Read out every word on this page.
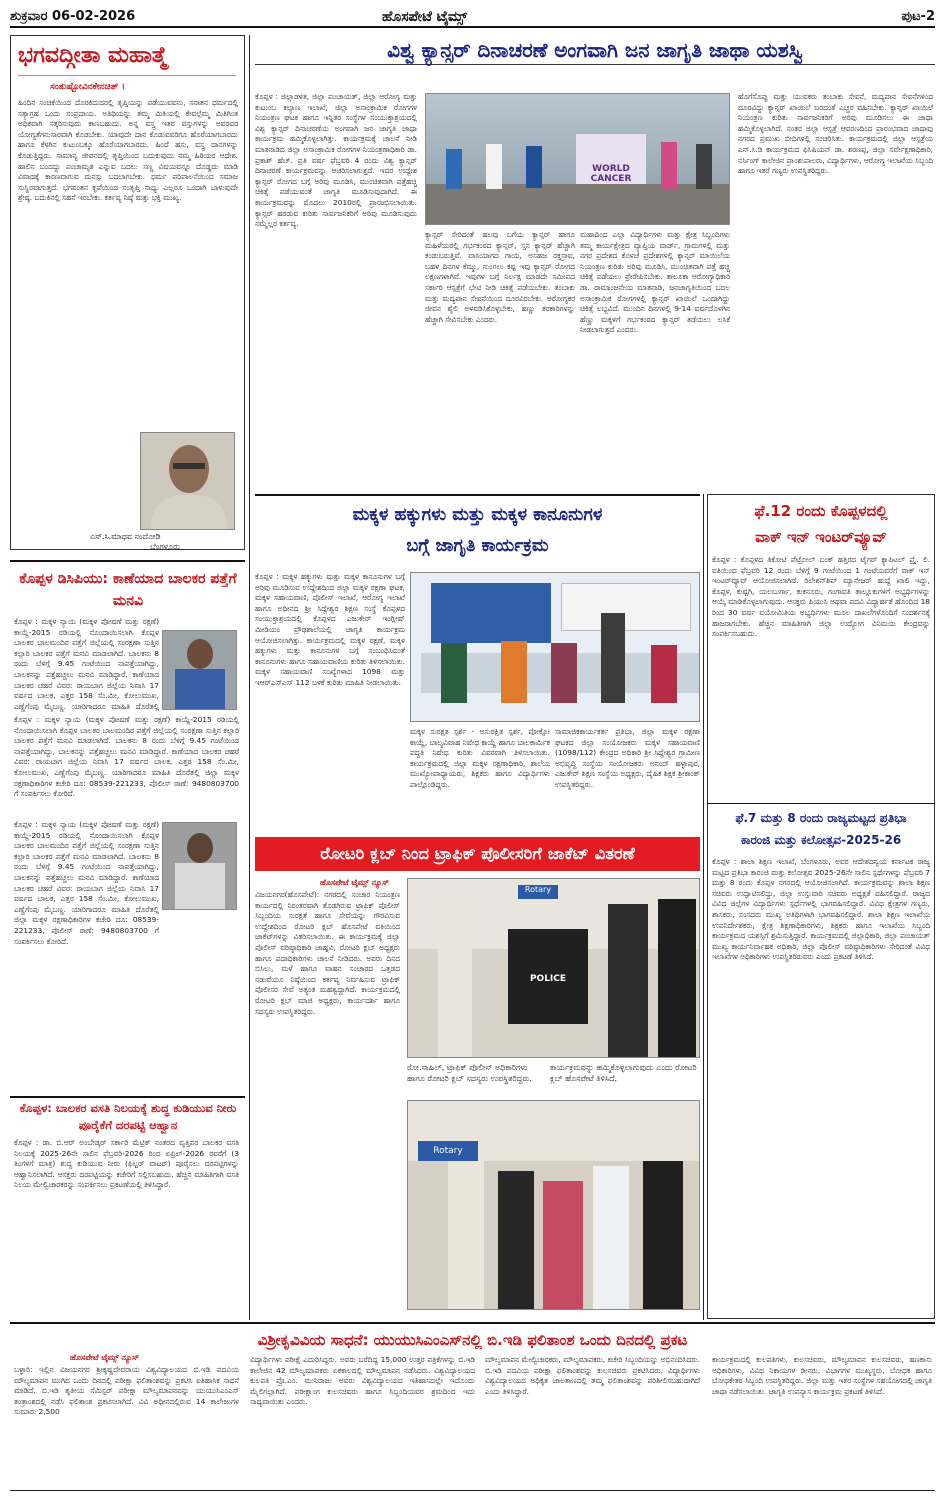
ಶುಕ್ರವಾರ 06-02-2026	ಹೊಸಪೇಟೆ ಟೈಮ್ಸ್	ಪುಟ-2
ಭಗವದ್ಗೀತಾ ಮಹಾತ್ಮೆ
ಸಂತುಷ್ಟೋವಿನಕೇನಚಿತ್ ।
ಹಿಂದಿನ ಸಂಚಿಕೆಯಿಂದ ದೊರಕಿದುದರಲ್ಲಿ ತೃಪ್ತಿಯನ್ನು ಪಡೆಯುವವನು, ಸನಾತನ ಧರ್ಮದಲ್ಲಿ ಸತ್ಯಾಗ್ರಹ ಒಂದು ಸಂಪ್ರದಾಯ. ಅತಿಥಿಯನ್ನು ತಮ್ಮ ಮಿತಿಯಲ್ಲಿ ಕೇವಲ್ಪೆಮ್ಮ ಮಿತಿಗಿಂತ ಅಧಿಕವಾಗಿ ಸತ್ಕರಿಸುವುದು ಕಾಣಬಹುದು. ಅನ್ನ ವಸ್ತ್ರ ಇತರ ವಸ್ತುಗಳನ್ನು ಅವರವರ ಯೋಗ್ಯತೆಗನುಸಾರವಾಗಿ ಕೊಡಬೇಕು. ಯಾವುದೇ ದಾನ ಕೊಡುವವರಿಗೂ ಹೊರೆಯಾಗಬಾರದು ಹಾಗೂ ಕೆಳಗಿನ ಕುಟುಂಬಕ್ಕೂ ಹೊರೆಯಾಗಬಾರದು. ಹಿಂದೆ ಹಸು, ವಸ್ತ್ರ ದಾನಗಳನ್ನು ಕೊಡುತ್ತಿದ್ದರು. ಸಾಮಾನ್ಯ ಜೀವನದಲ್ಲಿ ತೃಪ್ತಿಯಿಂದ ಬದುಕುವುದು ನಮ್ಮ ಹಿರಿಯರ ಆದೇಶ. ಹಾಲಿನ ಬಂದದ್ದು ಪಂಚಾಮೃತ ಎನ್ನುವ ಬದಲು ಸಣ್ಣ ವಿಷಯವನ್ನೂ ದೊಡ್ಡದು ಮಾಡಿ ವಿವಾದಕ್ಕೆ ಕಾರಣವಾಗುವ ಮನಸ್ಸು ಬದಲಾಗಬೇಕು. ಧರ್ಮ ಪರಿಪಾಲನೆಯಿಂದ ಸಮಾಜ ಸುಸ್ಥಿರವಾಗುತ್ತದೆ. ಭಗವಂತನ ಕೃಪೆಯಿಂದ ಸಂತೃಪ್ತಿ ಸಾಧ್ಯ. ಎಲ್ಲರೂ ಒಂದಾಗಿ ಬಾಳುವುದೇ ಶ್ರೇಷ್ಠ. ಬದುಕಿನಲ್ಲಿ ಸಹನೆ ಇರಬೇಕು. ಕರ್ತವ್ಯ ನಿಷ್ಠೆ ಮತ್ತು ಭಕ್ತಿ ಮುಖ್ಯ.
ಎಸ್.ಸಿ.ಮಾಧವ ನಂದೋಡಿ
ಬೆಂಗಳೂರು
ಕೊಪ್ಪಳ ಡಿಸಿಪಿಯು: ಕಾಣೆಯಾದ ಬಾಲಕರ ಪತ್ತೆಗೆ ಮನವಿ
ಕೊಪ್ಪಳ : ಮಕ್ಕಳ ನ್ಯಾಯ (ಮಕ್ಕಳ ಪೋಷಣೆ ಮತ್ತು ರಕ್ಷಣೆ) ಕಾಯ್ದೆ-2015 ರಡಿಯಲ್ಲಿ ನೊಂದಾಯಿಸಲಾಗಿ ಕೊಪ್ಪಳ ಬಾಲಕರ ಬಾಲಮಂದಿರ ಪತ್ತೆಗೆ ಜಿಲ್ಲೆಯಲ್ಲಿ ಸಂರಕ್ಷಣಾ ಸುತ್ತಿನ ಕಲ್ಲಾರಿ ಬಾಲಕರ ಪತ್ತೆಗೆ ಮನವಿ ಮಾಡಲಾಗಿದೆ. ಬಾಲಕನು 8 ರಂದು ಬೆಳಿಗ್ಗೆ 9.45 ಗಂಟೆಯಿಂದ ನಾಪತ್ತೆಯಾಗಿದ್ದು, ಬಾಲಕನನ್ನು ಪತ್ತೆಹಚ್ಚಲು ಮನವಿ ಮಾಡಿದ್ದಾರೆ. ಕಾಣೆಯಾದ ಬಾಲಕರ ಚಹರೆ ವಿವರ: ರಾಯಬಾಗ ಜಿಲ್ಲೆಯ ನಿವಾಸಿ 17 ವರ್ಷದ ಬಾಲಕ, ಎತ್ತರ 158 ಸೆಂ.ಮೀ, ಕೋಲುಮುಖ, ಎಣ್ಣೆಗೆಂಪು ಮೈಬಣ್ಣ. ಯಾರಿಗಾದರೂ ಮಾಹಿತಿ ದೊರೆತಲ್ಲಿ
ಕೊಪ್ಪಳ : ಮಕ್ಕಳ ನ್ಯಾಯ (ಮಕ್ಕಳ ಪೋಷಣೆ ಮತ್ತು ರಕ್ಷಣೆ) ಕಾಯ್ದೆ-2015 ರಡಿಯಲ್ಲಿ ನೊಂದಾಯಿಸಲಾಗಿ ಕೊಪ್ಪಳ ಬಾಲಕರ ಬಾಲಮಂದಿರ ಪತ್ತೆಗೆ ಜಿಲ್ಲೆಯಲ್ಲಿ ಸಂರಕ್ಷಣಾ ಸುತ್ತಿನ ಕಲ್ಲಾರಿ ಬಾಲಕರ ಪತ್ತೆಗೆ ಮನವಿ ಮಾಡಲಾಗಿದೆ. ಬಾಲಕನು 8 ರಂದು ಬೆಳಿಗ್ಗೆ 9.45 ಗಂಟೆಯಿಂದ ನಾಪತ್ತೆಯಾಗಿದ್ದು, ಬಾಲಕನನ್ನು ಪತ್ತೆಹಚ್ಚಲು ಮನವಿ ಮಾಡಿದ್ದಾರೆ. ಕಾಣೆಯಾದ ಬಾಲಕರ ಚಹರೆ ವಿವರ: ರಾಯಬಾಗ ಜಿಲ್ಲೆಯ ನಿವಾಸಿ 17 ವರ್ಷದ ಬಾಲಕ, ಎತ್ತರ 158 ಸೆಂ.ಮೀ, ಕೋಲುಮುಖ, ಎಣ್ಣೆಗೆಂಪು ಮೈಬಣ್ಣ. ಯಾರಿಗಾದರೂ ಮಾಹಿತಿ ದೊರೆತಲ್ಲಿ ಜಿಲ್ಲಾ ಮಕ್ಕಳ ರಕ್ಷಣಾಧಿಕಾರಿಗಳ ಕಚೇರಿ ದೂ: 08539-221233, ಪೊಲೀಸ್ ಠಾಣೆ: 9480803700 ಗೆ ಸಂಪರ್ಕಿಸಲು ಕೋರಿದೆ.
ಕೊಪ್ಪಳ : ಮಕ್ಕಳ ನ್ಯಾಯ (ಮಕ್ಕಳ ಪೋಷಣೆ ಮತ್ತು ರಕ್ಷಣೆ) ಕಾಯ್ದೆ-2015 ರಡಿಯಲ್ಲಿ ನೊಂದಾಯಿಸಲಾಗಿ ಕೊಪ್ಪಳ ಬಾಲಕರ ಬಾಲಮಂದಿರ ಪತ್ತೆಗೆ ಜಿಲ್ಲೆಯಲ್ಲಿ ಸಂರಕ್ಷಣಾ ಸುತ್ತಿನ ಕಲ್ಲಾರಿ ಬಾಲಕರ ಪತ್ತೆಗೆ ಮನವಿ ಮಾಡಲಾಗಿದೆ. ಬಾಲಕನು 8 ರಂದು ಬೆಳಿಗ್ಗೆ 9.45 ಗಂಟೆಯಿಂದ ನಾಪತ್ತೆಯಾಗಿದ್ದು, ಬಾಲಕನನ್ನು ಪತ್ತೆಹಚ್ಚಲು ಮನವಿ ಮಾಡಿದ್ದಾರೆ. ಕಾಣೆಯಾದ ಬಾಲಕರ ಚಹರೆ ವಿವರ: ರಾಯಬಾಗ ಜಿಲ್ಲೆಯ ನಿವಾಸಿ 17 ವರ್ಷದ ಬಾಲಕ, ಎತ್ತರ 158 ಸೆಂ.ಮೀ, ಕೋಲುಮುಖ, ಎಣ್ಣೆಗೆಂಪು ಮೈಬಣ್ಣ. ಯಾರಿಗಾದರೂ ಮಾಹಿತಿ ದೊರೆತಲ್ಲಿ ಜಿಲ್ಲಾ ಮಕ್ಕಳ ರಕ್ಷಣಾಧಿಕಾರಿಗಳ ಕಚೇರಿ ದೂ: 08539-221233, ಪೊಲೀಸ್ ಠಾಣೆ: 9480803700 ಗೆ ಸಂಪರ್ಕಿಸಲು ಕೋರಿದೆ.
ಕೊಪ್ಪಳ: ಬಾಲಕರ ವಸತಿ ನಿಲಯಕ್ಕೆ ಶುದ್ಧ ಕುಡಿಯುವ ನೀರು ಪೂರೈಕೆಗೆ ದರಪಟ್ಟಿ ಆಹ್ವಾನ
ಕೊಪ್ಪಳ : ಡಾ. ಬಿ.ಆರ್ ಅಂಬೇಡ್ಕರ್ ಸರ್ಕಾರಿ ಮೆಟ್ರಿಕ್ ನಂತರದ ವೃತ್ತಿಪರ ಬಾಲಕರ ವಸತಿ ನಿಲಯಕ್ಕೆ 2025-26ನೇ ಸಾಲಿನ ಫೆಬ್ರವರಿ-2026 ರಿಂದ ಏಪ್ರಿಲ್-2026 ರವರೆಗೆ (3 ತಿಂಗಳಿಗೆ ಮಾತ್ರ) ಶುದ್ಧ ಕುಡಿಯುವ ನೀರು (ಫಿಲ್ಟರ್ ವಾಟರ್) ಪೂರೈಸಲು ದರಪಟ್ಟಿಗಳನ್ನು ಆಹ್ವಾನಿಸಲಾಗಿದೆ. ಆಸಕ್ತರು ದರಪಟ್ಟಿಯನ್ನು ಕಚೇರಿಗೆ ಸಲ್ಲಿಸಬಹುದು. ಹೆಚ್ಚಿನ ಮಾಹಿತಿಗಾಗಿ ವಸತಿ ನಿಲಯ ಮೇಲ್ವಿಚಾರಕರನ್ನು ಸಂಪರ್ಕಿಸಲು ಪ್ರಕಟಣೆಯಲ್ಲಿ ತಿಳಿಸಿದ್ದಾರೆ.
ವಿಶ್ವ ಕ್ಯಾನ್ಸರ್ ದಿನಾಚರಣೆ ಅಂಗವಾಗಿ ಜನ ಜಾಗೃತಿ ಜಾಥಾ ಯಶಸ್ವಿ
ಕೊಪ್ಪಳ : ಜಿಲ್ಲಾಡಳಿತ, ಜಿಲ್ಲಾ ಪಂಚಾಯತ್, ಜಿಲ್ಲಾ ಆರೋಗ್ಯ ಮತ್ತು ಕುಟುಂಬ ಕಲ್ಯಾಣ ಇಲಾಖೆ, ಜಿಲ್ಲಾ ಅಸಾಂಕ್ರಾಮಿಕ ರೋಗಗಳ ನಿಯಂತ್ರಣ ಘಟಕ ಹಾಗೂ ಇನ್ನಿತರ ಸಂಸ್ಥೆಗಳ ಸಂಯುಕ್ತಾಶ್ರಯದಲ್ಲಿ ವಿಶ್ವ ಕ್ಯಾನ್ಸರ್ ದಿನಾಚರಣೆಯ ಅಂಗವಾಗಿ ಜನ ಜಾಗೃತಿ ಜಾಥಾ ಕಾರ್ಯಕ್ರಮ ಹಮ್ಮಿಕೊಳ್ಳಲಾಗಿತ್ತು. ಕಾರ್ಯಕ್ರಮಕ್ಕೆ ಚಾಲನೆ ನೀಡಿ ಮಾತನಾಡಿದ ಜಿಲ್ಲಾ ಅಸಾಂಕ್ರಾಮಿಕ ರೋಗಗಳ ನಿಯಂತ್ರಣಾಧಿಕಾರಿ ಡಾ. ಪ್ರಕಾಶ್ ಹೆಚ್. ಪ್ರತಿ ವರ್ಷ ಫೆಬ್ರವರಿ 4 ರಂದು ವಿಶ್ವ ಕ್ಯಾನ್ಸರ್ ದಿನಾಚರಣೆ ಕಾರ್ಯಕ್ರಮವನ್ನು ಆಚರಿಸಲಾಗುತ್ತದೆ. ಇದರ ಉದ್ದೇಶ ಕ್ಯಾನ್ಸರ್ ರೋಗದ ಬಗ್ಗೆ ಅರಿವು ಮೂಡಿಸಿ, ಮುಂಚಿತವಾಗಿ ಪತ್ತೆಹಚ್ಚಿ ಚಿಕಿತ್ಸೆ ಪಡೆಯುವಂತೆ ಜಾಗೃತಿ ಮೂಡಿಸುವುದಾಗಿದೆ. ಈ ಕಾರ್ಯಕ್ರಮವನ್ನು ಮೊದಲು 2010ರಲ್ಲಿ ಪ್ರಾರಂಭಿಸಲಾಯಿತು. ಕ್ಯಾನ್ಸರ್ ಹರಡುವ ಕುರಿತು ಸಾರ್ವಜನಿಕರಿಗೆ ಅರಿವು ಮೂಡಿಸುವುದು ನಮ್ಮೆಲ್ಲರ ಕರ್ತವ್ಯ.
WORLD CANCER
ಕ್ಯಾನ್ಸರ್ ಸೇರಿದಂತೆ ಹಲವು ಬಗೆಯ ಕ್ಯಾನ್ಸರ್ ಹಾಗೂ ಮಹಿಳೆಯರಲ್ಲಿ ಗರ್ಭಕಂಠದ ಕ್ಯಾನ್ಸರ್, ಸ್ತನ ಕ್ಯಾನ್ಸರ್ ಹೆಚ್ಚಾಗಿ ಕಂಡುಬರುತ್ತಿವೆ. ವಾಸಿಯಾಗದ ಗಾಯ, ಅಸಹಜ ರಕ್ತಸ್ರಾವ, ಬಹಳ ದಿನಗಳ ಕೆಮ್ಮು, ನುಂಗಲು ಕಷ್ಟ ಇವು ಕ್ಯಾನ್ಸರ್ ರೋಗದ ಲಕ್ಷಣಗಳಾಗಿವೆ. ಇವುಗಳ ಬಗ್ಗೆ ನಿರ್ಲಕ್ಷ ಮಾಡದೇ ಸಮೀಪದ ಸರ್ಕಾರಿ ಆಸ್ಪತ್ರೆಗೆ ಭೇಟಿ ನೀಡಿ ಚಿಕಿತ್ಸೆ ಪಡೆಯಬೇಕು. ತಂಬಾಕು ಮತ್ತು ಮದ್ಯಪಾನ ಸೇವನೆಯಿಂದ ದೂರವಿರಬೇಕು. ಆರೋಗ್ಯಕರ ಜೀವನ ಶೈಲಿ ಅಳವಡಿಸಿಕೊಳ್ಳಬೇಕು, ಹಣ್ಣು ತರಕಾರಿಗಳನ್ನು ಹೆಚ್ಚಾಗಿ ಸೇವಿಸಬೇಕು ಎಂದರು.
ಮಹಾದಿಂದ ಎಲ್ಲಾ ವಿದ್ಯಾರ್ಥಿಗಳು ಮತ್ತು ಕ್ಷೇತ್ರ ಸಿಬ್ಬಂದಿಗಳು ತಮ್ಮ ಕಾರ್ಯಕ್ಷೇತ್ರದ ವ್ಯಾಪ್ತಿಯ ವಾರ್ಡ್, ಗ್ರಾಮಗಳಲ್ಲಿ ಮತ್ತು ನಗರ ಪ್ರದೇಶದ ಕೊಳಚೆ ಪ್ರದೇಶಗಳಲ್ಲಿ ಕ್ಯಾನ್ಸರ್ ಮಾಯಿಲೆಯ ನಿಯಂತ್ರಣ ಕುರಿತು ಅರಿವು ಮೂಡಿಸಿ, ಮುಂಚಿತವಾಗಿ ಪತ್ತೆ ಹಚ್ಚಿ ಚಿಕಿತ್ಸೆ ಪಡೆಯಲು ಪ್ರೇರೇಪಿಸಬೇಕು. ತಾಲೂಕಾ ಆರೋಗ್ಯಾಧಿಕಾರಿ ಡಾ. ರಾಮಾಂಜನೇಯ ಮಾತನಾಡಿ, ಜನಜಾಗೃತಿಯಿಂದ ಬದಲ ಅಸಾಂಕ್ರಾಮಿಕ ರೋಗಗಳಲ್ಲಿ ಕ್ಯಾನ್ಸರ್ ಖಾಯಿಲೆ ಒಂದಾಗಿದ್ದು ಚಿಕಿತ್ಸೆ ಲಭ್ಯವಿದೆ. ಮುಂದಿನ ದಿನಗಳಲ್ಲಿ 9-14 ವರ್ಷದೊಳಗಿನ ಹೆಣ್ಣು ಮಕ್ಕಳಿಗೆ ಗರ್ಭಕಂಠದ ಕ್ಯಾನ್ಸರ್ ತಡೆಯಲು ಲಸಿಕೆ ನೀಡಲಾಗುತ್ತದೆ ಎಂದರು.
ಹೊಗೆಸೊಪ್ಪು ಮತ್ತು ಯುವಕರು ತಂಬಾಕು ಸೇವನೆ, ಮದ್ಯಪಾನ ಸೇವನೆಗಳಿಂದ ದೂರವಿದ್ದು ಕ್ಯಾನ್ಸರ್ ಖಾಯಿಲೆ ಬರದಂತೆ ಎಚ್ಚರ ವಹಿಸಬೇಕು. ಕ್ಯಾನ್ಸರ್ ಖಾಯಿಲೆ ನಿಯಂತ್ರಣ ಕುರಿತು ಸಾರ್ವಜನಿಕರಿಗೆ ಅರಿವು ಮೂಡಿಸಲು ಈ ಜಾಥಾ ಹಮ್ಮಿಕೊಳ್ಳಲಾಗಿದೆ. ನಂತರ ಜಿಲ್ಲಾ ಆಸ್ಪತ್ರೆ ಆವರಣದಿಂದ ಪ್ರಾರಂಭವಾದ ಜಾಥಾವು ನಗರದ ಪ್ರಮುಖ ಬೀದಿಗಳಲ್ಲಿ ಸಂಚರಿಸಿತು. ಕಾರ್ಯಕ್ರಮದಲ್ಲಿ ಜಿಲ್ಲಾ ಆಸ್ಪತ್ರೆಯ ಎನ್.ಸಿ.ಡಿ ಕಾರ್ಯಕ್ರಮದ ಫಿಸಿಷಿಯನ್ ಡಾ. ಶರಣಪ್ಪ, ಜಿಲ್ಲಾ ಸರ್ವೇಕ್ಷಣಾಧಿಕಾರಿ, ನರ್ಸಿಂಗ್ ಕಾಲೇಜಿನ ಪ್ರಾಂಶುಪಾಲರು, ವಿದ್ಯಾರ್ಥಿಗಳು, ಆರೋಗ್ಯ ಇಲಾಖೆಯ ಸಿಬ್ಬಂದಿ ಹಾಗೂ ಇತರೆ ಗಣ್ಯರು ಉಪಸ್ಥಿತರಿದ್ದರು.
ಮಕ್ಕಳ ಹಕ್ಕುಗಳು ಮತ್ತು ಮಕ್ಕಳ ಕಾನೂನುಗಳ
ಬಗ್ಗೆ ಜಾಗೃತಿ ಕಾರ್ಯಕ್ರಮ
ಕೊಪ್ಪಳ : ಮಕ್ಕಳ ಹಕ್ಕುಗಳು ಮತ್ತು ಮಕ್ಕಳ ಕಾನೂನುಗಳ ಬಗ್ಗೆ ಅರಿವು ಮೂಡಿಸುವ ಉದ್ದೇಶದಿಂದ ಜಿಲ್ಲಾ ಮಕ್ಕಳ ರಕ್ಷಣಾ ಘಟಕ, ಮಕ್ಕಳ ಸಹಾಯವಾಣಿ, ಪೊಲೀಸ್ ಇಲಾಖೆ, ಆರೋಗ್ಯ ಇಲಾಖೆ ಹಾಗೂ ಅಧೀನದ ಶ್ರೀ ಸಿದ್ದೇಶ್ವರ ಶಿಕ್ಷಣ ಸಂಸ್ಥೆ ಕೊಪ್ಪಳದ ಸಂಯುಕ್ತಾಶ್ರಯದಲ್ಲಿ ಕೊಪ್ಪಳದ ಎಜುಕೇರ್ ಇಂಗ್ಲೀಷ್ ಮೀಡಿಯಂ ಪ್ರೌಢಶಾಲೆಯಲ್ಲಿ ಜಾಗೃತಿ ಕಾರ್ಯಕ್ರಮ ಆಯೋಜಿಸಲಾಗಿತ್ತು. ಕಾರ್ಯಕ್ರಮದಲ್ಲಿ ಮಕ್ಕಳ ರಕ್ಷಣೆ, ಮಕ್ಕಳ ಹಕ್ಕುಗಳು ಮತ್ತು ಕಾನೂನುಗಳ ಬಗ್ಗೆ ಸಂಬಂಧಿಸಿದಂತೆ ಕಾನೂನುಗಳು ಹಾಗೂ ಸಹಾಯವಾಣಿಯ ಕುರಿತು ತಿಳಿಸಲಾಯಿತು. ಮಕ್ಕಳ ಸಹಾಯವಾಣಿ ಸಂಖ್ಯೆಗಳಾದ 1098 ಮತ್ತು ಇಆರ್‌ಎಸ್‌ಎಸ್ 112 ಬಳಕೆ ಕುರಿತು ಮಾಹಿತಿ ನೀಡಲಾಯಿತು.
ಮಕ್ಕಳ ಸುರಕ್ಷತ ಸ್ಪರ್ಶ - ಅಸುರಕ್ಷಿತ ಸ್ಪರ್ಶ, ಪೋಕ್ಸೋ ಕಾಯ್ದೆ, ಬಾಲ್ಯವಿವಾಹ ನಿಷೇಧ ಕಾಯ್ದೆ ಹಾಗೂ ಬಾಲಕಾರ್ಮಿಕ ಪದ್ಧತಿ ನಿಷೇಧ ಕುರಿತು ವಿವರವಾಗಿ ತಿಳಿಸಲಾಯಿತು. ಕಾರ್ಯಕ್ರಮದಲ್ಲಿ ಜಿಲ್ಲಾ ಮಕ್ಕಳ ರಕ್ಷಣಾಧಿಕಾರಿ, ಶಾಲೆಯ ಮುಖ್ಯೋಪಾಧ್ಯಾಯರು, ಶಿಕ್ಷಕರು ಹಾಗೂ ವಿದ್ಯಾರ್ಥಿಗಳು ಪಾಲ್ಗೊಂಡಿದ್ದರು.
ಸಾಮಾಜಿಕಕಾರ್ಯಕರ್ತ ಪ್ರತಿಭಾ, ಜಿಲ್ಲಾ ಮಕ್ಕಳ ರಕ್ಷಣಾ ಘಟಕದ ಜಿಲ್ಲಾ ಸಂಯೋಜಕರು ಮಕ್ಕಳ ಸಹಾಯವಾಣಿ (1098/112) ಕೇಂದ್ರದ ಅಧಿಕಾರಿ ಶ್ರೀ ಸಿದ್ದೇಶ್ವರ ಗ್ರಾಮೀಣ ಅಭಿವೃದ್ಧಿ ಸಂಸ್ಥೆಯ ಸಂಯೋಜಕರು ಅನಂದ್ ಹಳ್ಳಾಪುರ, ಎಜುಕೇರ್ ಶಿಕ್ಷಣ ಸಂಸ್ಥೆಯ ಅಧ್ಯಕ್ಷರು, ದೈಹಿಕ ಶಿಕ್ಷಕ ಶ್ರೀಕಾಂತ್ ಉಪಸ್ಥಿತರಿದ್ದರು.
ರೋಟರಿ ಕ್ಲಬ್ ನಿಂದ ಟ್ರಾಫಿಕ್ ಪೊಲೀಸರಿಗೆ ಜಾಕೆಟ್ ವಿತರಣೆ
ಹೊಸಪೇಟೆ ಟೈಮ್ಸ್ ನ್ಯೂಸ್
ವಿಜಯನಗರ(ಹೊಸಪೇಟೆ): ನಗರದಲ್ಲಿ ಸಂಚಾರ ನಿಯಂತ್ರಣ ಕಾರ್ಯದಲ್ಲಿ ನಿರಂತರವಾಗಿ ತೊಡಗಿರುವ ಟ್ರಾಫಿಕ್ ಪೊಲೀಸ್ ಸಿಬ್ಬಂದಿಯ ಸುರಕ್ಷತೆ ಹಾಗೂ ಸೇವೆಯನ್ನು ಗೌರವಿಸುವ ಉದ್ದೇಶದಿಂದ ರೋಟರಿ ಕ್ಲಬ್ ಹೊಸಪೇಟೆ ವತಿಯಿಂದ ಜಾಕೆಟ್‌ಗಳನ್ನು ವಿತರಿಸಲಾಯಿತು. ಈ ಕಾರ್ಯಕ್ರಮಕ್ಕೆ ಜಿಲ್ಲಾ ಪೊಲೀಸ್ ವರಿಷ್ಠಾಧಿಕಾರಿ ಜಾಹ್ನವಿ, ರೋಟರಿ ಕ್ಲಬ್ ಅಧ್ಯಕ್ಷರು ಹಾಗೂ ಪದಾಧಿಕಾರಿಗಳು ಚಾಲನೆ ನೀಡಿದರು. ಅವರು ದಿನದ ಬಿಸಿಲು, ಮಳೆ ಹಾಗೂ ವಾಹನ ಸಂಚಾರದ ಒತ್ತಡದ ನಡುವೆಯೂ ನಿಷ್ಠೆಯಿಂದ ಕರ್ತವ್ಯ ನಿರ್ವಹಿಸುವ ಟ್ರಾಫಿಕ್ ಪೊಲೀಸರ ಸೇವೆ ಅತ್ಯಂತ ಮಹತ್ವದ್ದಾಗಿದೆ. ಕಾರ್ಯಕ್ರಮದಲ್ಲಿ ರೋಟರಿ ಕ್ಲಬ್ ಮಾಜಿ ಅಧ್ಯಕ್ಷರು, ಕಾರ್ಯದರ್ಶಿ ಹಾಗೂ ಸದಸ್ಯರು ಉಪಸ್ಥಿತರಿದ್ದರು.
POLICE
Rotary
ರೋ.ಸಾಹಿಲ್, ಟ್ರಾಫಿಕ್ ಪೊಲೀಸ್ ಅಧಿಕಾರಿಗಳು ಹಾಗೂ ರೋಟರಿ ಕ್ಲಬ್ ಸದಸ್ಯರು ಉಪಸ್ಥಿತರಿದ್ದರು.
ಕಾರ್ಯಕ್ರಮವನ್ನು ಹಮ್ಮಿಕೊಳ್ಳಲಾಗುವುದು ಎಂದು ರೋಟರಿ ಕ್ಲಬ್ ಹೊಸಪೇಟೆ ತಿಳಿಸಿದೆ.
Rotary
ಫೆ.12 ರಂದು ಕೊಪ್ಪಳದಲ್ಲಿ
ವಾಕ್ ಇನ್ ಇಂಟರ್‌ವ್ಯೂವ್
ಕೊಪ್ಪಳ : ಕೊಪ್ಪಳದ ತಿಕೋಟಿ ಪೆಟ್ರೋಲ್ ಬಂಕ್ ಹತ್ತಿರದ ಟೈಗರ್ ಕ್ಯಾಪಿಟಲ್ ಪ್ರೈ. ಲಿ. ವತಿಯಿಂದ ಫೆಬ್ರವರಿ 12 ರಂದು ಬೆಳಿಗ್ಗೆ 9 ಗಂಟೆಯಿಂದ 1 ಗಂಟೆಯವರೆಗೆ ವಾಕ್ ಇನ್ ಇಂಟರ್‌ವ್ಯೂವ್ ಆಯೋಜಿಸಲಾಗಿದೆ. ರಿಲೇಶನ್‌ಶಿಪ್ ಮ್ಯಾನೇಜರ್ ಹುದ್ದೆ ಖಾಲಿ ಇದ್ದು, ಕೊಪ್ಪಳ, ಕುಷ್ಟಗಿ, ಯಲಬುರ್ಗಾ, ಕುಕನೂರು, ಗಂಗಾವತಿ ತಾಲ್ಲೂಕುಗಳಿಗೆ ಅಭ್ಯರ್ಥಿಗಳನ್ನು ಆಯ್ಕೆ ಮಾಡಿಕೊಳ್ಳಲಾಗುವುದು. ಆಸಕ್ತರು ಪಿಯುಸಿ ಅಥವಾ ಪದವಿ ವಿದ್ಯಾರ್ಹತೆ ಹೊಂದಿದ 18 ರಿಂದ 30 ವರ್ಷ ವಯೋಮಿತಿಯ ಅಭ್ಯರ್ಥಿಗಳು ಮೂಲ ದಾಖಲೆಗಳೊಂದಿಗೆ ಸಂದರ್ಶನಕ್ಕೆ ಹಾಜರಾಗಬೇಕು. ಹೆಚ್ಚಿನ ಮಾಹಿತಿಗಾಗಿ ಜಿಲ್ಲಾ ಉದ್ಯೋಗ ವಿನಿಮಯ ಕೇಂದ್ರವನ್ನು ಸಂಪರ್ಕಿಸಬಹುದು.
ಫೆ.7 ಮತ್ತು 8 ರಂದು ರಾಜ್ಯಮಟ್ಟದ ಪ್ರತಿಭಾ
ಕಾರಂಜಿ ಮತ್ತು ಕಲೋತ್ಸವ-2025-26
ಕೊಪ್ಪಳ : ಶಾಲಾ ಶಿಕ್ಷಣ ಇಲಾಖೆ, ಬೆಂಗಳೂರು, ಅವರ ಆದೇಶದನ್ವಯ ಕರ್ನಾಟಕ ರಾಜ್ಯ ಮಟ್ಟದ ಪ್ರತಿಭಾ ಕಾರಂಜಿ ಮತ್ತು ಕಲೋತ್ಸವ 2025-26ನೇ ಸಾಲಿನ ಸ್ಪರ್ಧೆಗಳನ್ನು ಫೆಬ್ರವರಿ 7 ಮತ್ತು 8 ರಂದು ಕೊಪ್ಪಳ ನಗರದಲ್ಲಿ ಆಯೋಜಿಸಲಾಗಿದೆ. ಕಾರ್ಯಕ್ರಮವನ್ನು ಶಾಲಾ ಶಿಕ್ಷಣ ಸಚಿವರು ಉದ್ಘಾಟಿಸಲಿದ್ದು, ಜಿಲ್ಲಾ ಉಸ್ತುವಾರಿ ಸಚಿವರು ಅಧ್ಯಕ್ಷತೆ ವಹಿಸಲಿದ್ದಾರೆ. ರಾಜ್ಯದ ವಿವಿಧ ಜಿಲ್ಲೆಗಳ ವಿದ್ಯಾರ್ಥಿಗಳು ಸ್ಪರ್ಧೆಗಳಲ್ಲಿ ಭಾಗವಹಿಸಲಿದ್ದಾರೆ. ವಿವಿಧ ಕ್ಷೇತ್ರಗಳ ಗಣ್ಯರು, ಶಾಸಕರು, ಸಂಸದರು ಮುಖ್ಯ ಅತಿಥಿಗಳಾಗಿ ಭಾಗವಹಿಸಲಿದ್ದಾರೆ. ಶಾಲಾ ಶಿಕ್ಷಣ ಇಲಾಖೆಯ ಉಪನಿರ್ದೇಶಕರು, ಕ್ಷೇತ್ರ ಶಿಕ್ಷಣಾಧಿಕಾರಿಗಳು, ಶಿಕ್ಷಕರು ಹಾಗೂ ಇಲಾಖೆಯ ಸಿಬ್ಬಂದಿ ಕಾರ್ಯಕ್ರಮದ ಯಶಸ್ಸಿಗೆ ಶ್ರಮಿಸುತ್ತಿದ್ದಾರೆ. ಕಾರ್ಯಕ್ರಮದಲ್ಲಿ ಜಿಲ್ಲಾಧಿಕಾರಿ, ಜಿಲ್ಲಾ ಪಂಚಾಯತ್ ಮುಖ್ಯ ಕಾರ್ಯನಿರ್ವಾಹಕ ಅಧಿಕಾರಿ, ಜಿಲ್ಲಾ ಪೊಲೀಸ್ ವರಿಷ್ಠಾಧಿಕಾರಿಗಳು ಸೇರಿದಂತೆ ವಿವಿಧ ಇಲಾಖೆಗಳ ಅಧಿಕಾರಿಗಳು ಉಪಸ್ಥಿತರಿರುವರು ಎಂದು ಪ್ರಕಟಣೆ ತಿಳಿಸಿದೆ.
ವಿಶ್ರೀಕೃವಿವಿಯ ಸಾಧನೆ: ಯುಯುಸಿಎಂಎಸ್‌ನಲ್ಲಿ ಬಿ.ಇಡಿ ಫಲಿತಾಂಶ ಒಂದು ದಿನದಲ್ಲಿ ಪ್ರಕಟ
ಹೊಸಪೇಟೆ ಟೈಮ್ಸ್ ನ್ಯೂಸ್
ಬಳ್ಳಾರಿ: ಇಲ್ಲಿನ ವಿಜಯನಗರ ಶ್ರೀಕೃಷ್ಣದೇವರಾಯ ವಿಶ್ವವಿದ್ಯಾಲಯದ ಬಿ.ಇಡಿ ಪದವಿಯ ಮೌಲ್ಯಮಾಪನ ಮುಗಿದ ಒಂದು ದಿನದಲ್ಲಿ ಪರೀಕ್ಷಾ ಫಲಿತಾಂಶವನ್ನು ಪ್ರಕಟಿಸಿ ಐತಿಹಾಸಿಕ ಸಾಧನೆ ಮಾಡಿದೆ. ಬಿ.ಇಡಿ ತೃತೀಯ ಸೆಮಿಸ್ಟರ್ ಪರೀಕ್ಷಾ ಮೌಲ್ಯಮಾಪನವನ್ನು ಯುಯುಸಿಎಂಎಸ್ ತಂತ್ರಾಂಶದಲ್ಲಿ ನಡೆಸಿ ಫಲಿತಾಂಶ ಪ್ರಕಟಿಸಲಾಗಿದೆ. ವಿವಿ ಅಧೀನದಲ್ಲಿರುವ 14 ಕಾಲೇಜುಗಳ ಸುಮಾರು 2,500
ವಿದ್ಯಾರ್ಥಿಗಳು ಪರೀಕ್ಷೆ ಎದುರಿಸಿದ್ದರು. ಅವರು ಬರೆದಿದ್ದ 15,000 ಉತ್ತರ ಪತ್ರಿಕೆಗಳನ್ನು ಬಿ.ಇಡಿ ಕಾಲೇಜಿನ 42 ಮೌಲ್ಯಮಾಪಕರು ಏಕಕಾಲದಲ್ಲಿ ಮೌಲ್ಯಮಾಪನ ನಡೆಸಿದರು. ವಿಶ್ವವಿದ್ಯಾಲಯದ ಕುಲಪತಿ ಪ್ರೊ.ಎಂ. ಮುನಿರಾಜು ಅವರು ವಿಶ್ವವಿದ್ಯಾಲಯದ ಇತಿಹಾಸದಲ್ಲೇ ಇದೊಂದು ಮೈಲಿಗಲ್ಲಾಗಿದೆ. ಪರೀಕ್ಷಾಂಗ ಕುಲಸಚಿವರು ಹಾಗೂ ಸಿಬ್ಬಂದಿಯವರ ಶ್ರಮದಿಂದ ಇದು ಸಾಧ್ಯವಾಯಿತು ಎಂದರು.
ಮೌಲ್ಯಮಾಪನ ಮೇಲ್ವಿಚಾರಕರು, ಮೌಲ್ಯಮಾಪಕರು, ಕಚೇರಿ ಸಿಬ್ಬಂದಿಯನ್ನು ಅಭಿನಂದಿಸಿದರು. ಬಿ.ಇಡಿ ಪದವಿಯ ಪರೀಕ್ಷಾ ಫಲಿತಾಂಶವನ್ನು ಕುಲಸಚಿವರು ಪ್ರಕಟಿಸಿದರು. ವಿದ್ಯಾರ್ಥಿಗಳು ವಿಶ್ವವಿದ್ಯಾಲಯದ ಅಧಿಕೃತ ಜಾಲತಾಣದಲ್ಲಿ ತಮ್ಮ ಫಲಿತಾಂಶವನ್ನು ಪರಿಶೀಲಿಸಬಹುದಾಗಿದೆ ಎಂದು ತಿಳಿಸಿದ್ದಾರೆ.
ಕಾರ್ಯಕ್ರಮದಲ್ಲಿ ಕುಲಪತಿಗಳು, ಕುಲಸಚಿವರು, ಮೌಲ್ಯಮಾಪನ ಕುಲಸಚಿವರು, ಹಣಕಾಸು ಅಧಿಕಾರಿಗಳು, ವಿವಿಧ ನಿಕಾಯಗಳ ಡೀನರು, ವಿಭಾಗಗಳ ಮುಖ್ಯಸ್ಥರು, ಬೋಧಕ ಹಾಗೂ ಬೋಧಕೇತರ ಸಿಬ್ಬಂದಿ ಉಪಸ್ಥಿತರಿದ್ದರು. ಜಿಲ್ಲಾ ಮತ್ತು ಇತರ ಸಂಸ್ಥೆಗಳ ಸಹಯೋಗದಲ್ಲಿ ಜಾಗೃತಿ ಜಾಥಾ ನಡೆಸಲಾಯಿತು. ಜಾಗೃತಿ ಉಪನ್ಯಾಸ ಕಾರ್ಯಕ್ರಮ ಪ್ರಕಟಣೆ ತಿಳಿಸಿದೆ.
